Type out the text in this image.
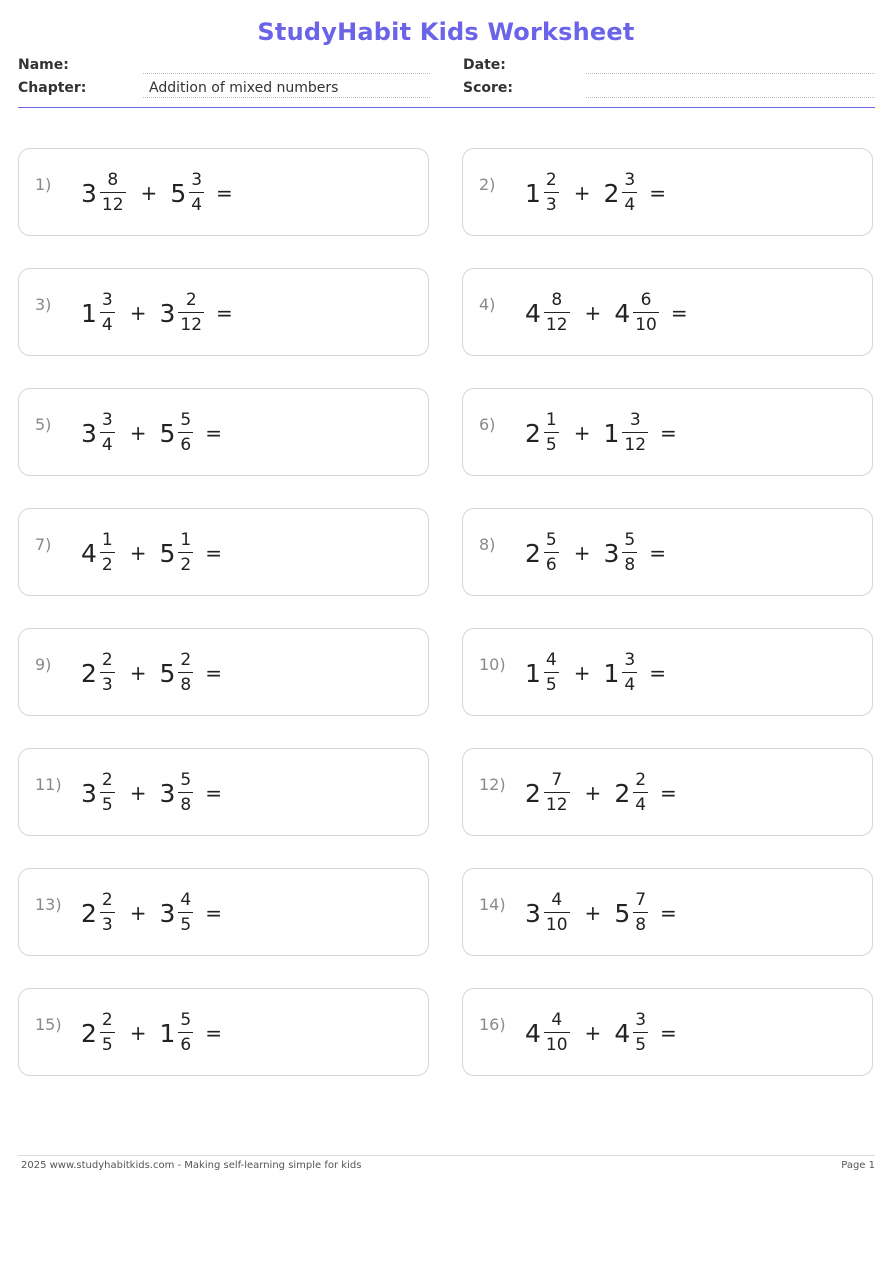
StudyHabit Kids Worksheet
Name:
Chapter:	Addition of mixed numbers
Date:
Score:
1) $3 \frac{8}{12} + 5 \frac{3}{4}$ =	2) $1 \frac{2}{3} + 2 \frac{3}{4}$ =
3) $1 \frac{3}{4} + 3 \frac{2}{12}$ =	4) $4 \frac{8}{12} + 4 \frac{6}{10}$ =
5) $3 \frac{3}{4} + 5 \frac{5}{6}$ =	6) $2 \frac{1}{5} + 1 \frac{3}{12}$ =
7) $4 \frac{1}{2} + 5 \frac{1}{2}$ =	8) $2 \frac{5}{6} + 3 \frac{5}{8}$ =
9) $2 \frac{2}{3} + 5 \frac{2}{8}$ =	10) $1 \frac{4}{5} + 1 \frac{3}{4}$ =
11) $3 \frac{2}{5} + 3 \frac{5}{8}$ =	12) $2 \frac{7}{12} + 2 \frac{2}{4}$ =
13) $2 \frac{2}{3} + 3 \frac{4}{5}$ =	14) $3 \frac{4}{10} + 5 \frac{7}{8}$ =
15) $2 \frac{2}{5} + 1 \frac{5}{6}$ =	16) $4 \frac{4}{10} + 4 \frac{3}{5}$ =
2025 www.studyhabitkids.com - Making self-learning simple for kids	Page 1
